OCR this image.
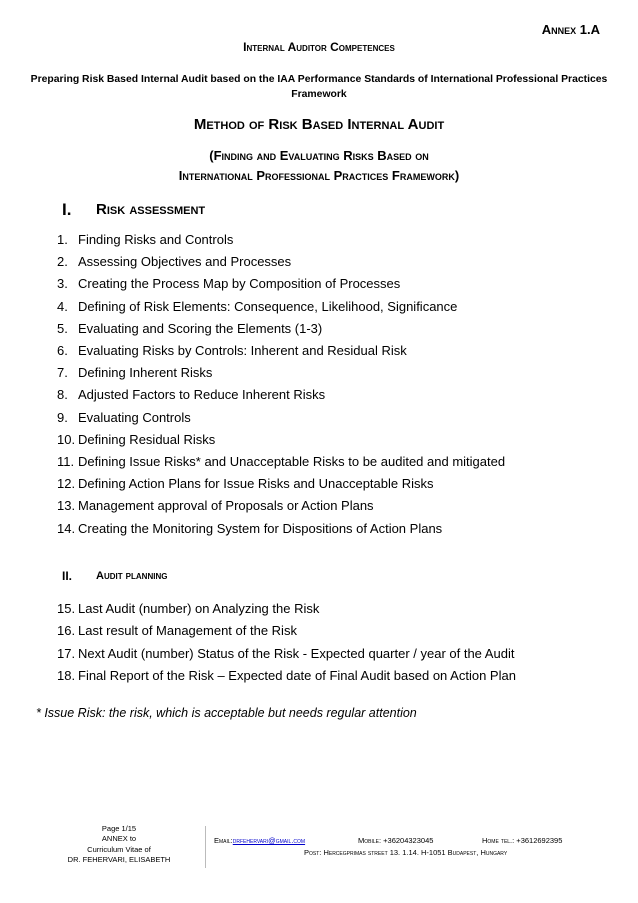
Annex 1.A
Internal Auditor Competences
Preparing Risk Based Internal Audit based on the IAA Performance Standards of International Professional Practices Framework
Method of Risk Based Internal Audit
(Finding and Evaluating Risks Based on
International Professional Practices Framework)
I. Risk assessment
1. Finding Risks and Controls
2. Assessing Objectives and Processes
3. Creating the Process Map by Composition of Processes
4. Defining of Risk Elements: Consequence, Likelihood, Significance
5. Evaluating and Scoring the Elements (1-3)
6. Evaluating Risks by Controls: Inherent and Residual Risk
7. Defining Inherent Risks
8. Adjusted Factors to Reduce Inherent Risks
9. Evaluating Controls
10. Defining Residual Risks
11. Defining Issue Risks* and Unacceptable Risks to be audited and mitigated
12. Defining Action Plans for Issue Risks and Unacceptable Risks
13. Management approval of Proposals or Action Plans
14. Creating the Monitoring System for Dispositions of Action Plans
II. Audit planning
15. Last Audit (number) on Analyzing the Risk
16. Last result of Management of the Risk
17. Next Audit (number) Status of the Risk - Expected quarter / year of the Audit
18. Final Report of the Risk – Expected date of Final Audit based on Action Plan
* Issue Risk: the risk, which is acceptable but needs regular attention
Page 1/15
ANNEX to
Curriculum Vitae of
DR. FEHERVARI, ELISABETH
Email:drfehervari@gmail.com	Mobile: +36204323045	Home tel.: +3612692395
Post: Hercegprimas street 13. 1.14. H-1051 Budapest, Hungary
